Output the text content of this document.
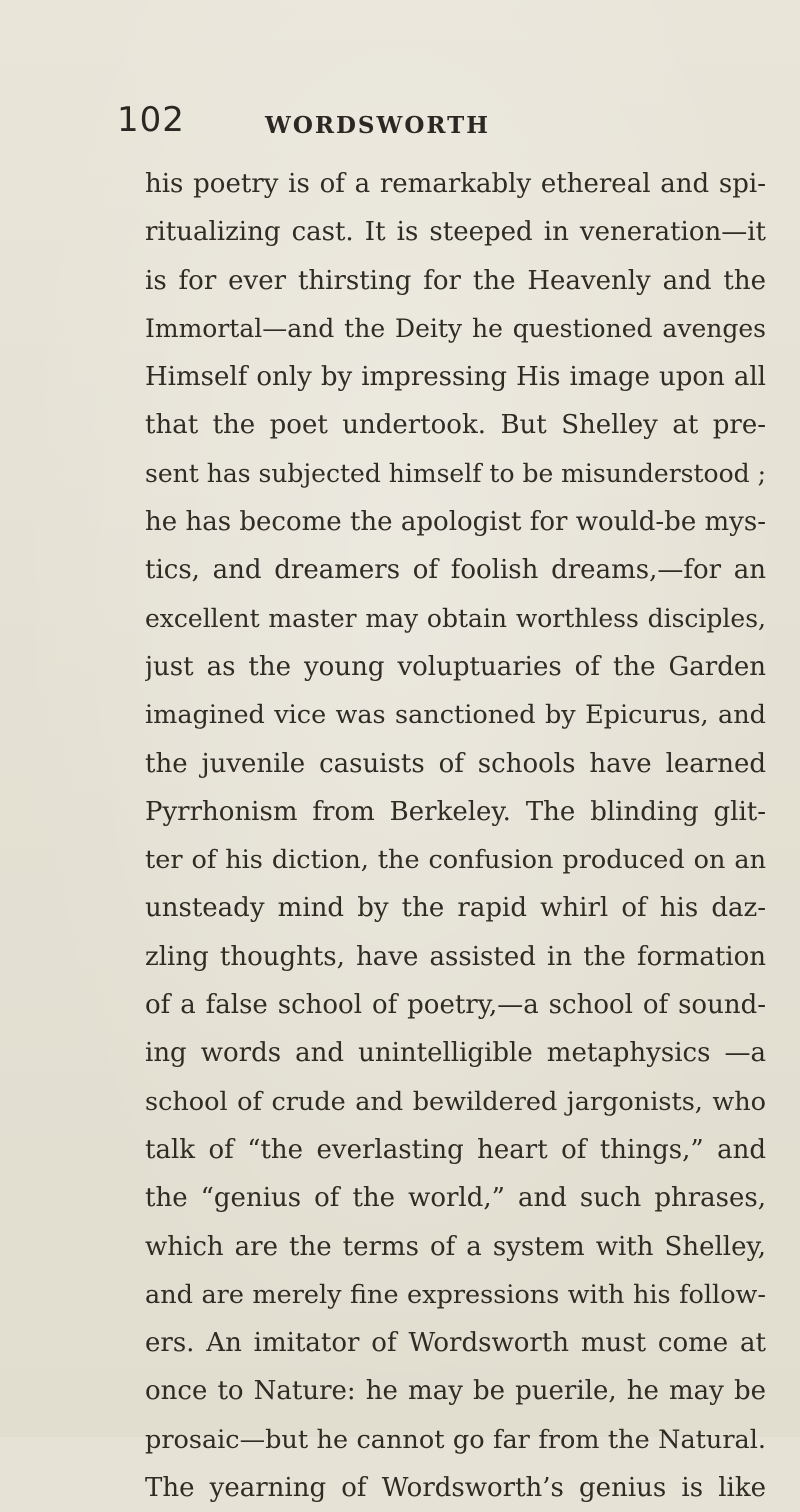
102	WORDSWORTH
his poetry is of a remarkably ethereal and spi-
ritualizing cast. It is steeped in veneration—it
is for ever thirsting for the Heavenly and the
Immortal—and the Deity he questioned avenges
Himself only by impressing His image upon all
that the poet undertook. But Shelley at pre-
sent has subjected himself to be misunderstood ;
he has become the apologist for would-be mys-
tics, and dreamers of foolish dreams,—for an
excellent master may obtain worthless disciples,
just as the young voluptuaries of the Garden
imagined vice was sanctioned by Epicurus, and
the juvenile casuists of schools have learned
Pyrrhonism from Berkeley. The blinding glit-
ter of his diction, the confusion produced on an
unsteady mind by the rapid whirl of his daz-
zling thoughts, have assisted in the formation
of a false school of poetry,—a school of sound-
ing words and unintelligible metaphysics —a
school of crude and bewildered jargonists, who
talk of “the everlasting heart of things,” and
the “genius of the world,” and such phrases,
which are the terms of a system with Shelley,
and are merely fine expressions with his follow-
ers. An imitator of Wordsworth must come at
once to Nature: he may be puerile, he may be
prosaic—but he cannot go far from the Natural.
The yearning of Wordsworth’s genius is like
